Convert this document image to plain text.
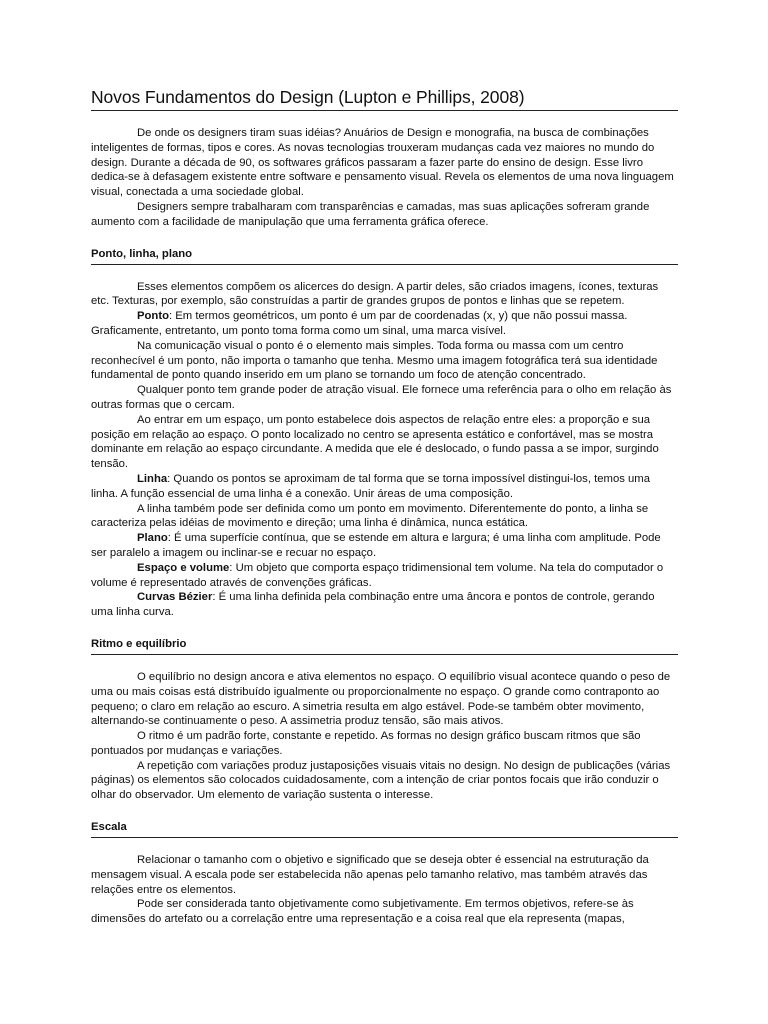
Novos Fundamentos do Design (Lupton e Phillips, 2008)

De onde os designers tiram suas idéias? Anuários de Design e monografia, na busca de combinações inteligentes de formas, tipos e cores. As novas tecnologias trouxeram mudanças cada vez maiores no mundo do design. Durante a década de 90, os softwares gráficos passaram a fazer parte do ensino de design. Esse livro dedica-se à defasagem existente entre software e pensamento visual. Revela os elementos de uma nova linguagem visual, conectada a uma sociedade global.

Designers sempre trabalharam com transparências e camadas, mas suas aplicações sofreram grande aumento com a facilidade de manipulação que uma ferramenta gráfica oferece.

Ponto, linha, plano

Esses elementos compõem os alicerces do design. A partir deles, são criados imagens, ícones, texturas etc. Texturas, por exemplo, são construídas a partir de grandes grupos de pontos e linhas que se repetem.

Ponto: Em termos geométricos, um ponto é um par de coordenadas (x, y) que não possui massa. Graficamente, entretanto, um ponto toma forma como um sinal, uma marca visível.

Na comunicação visual o ponto é o elemento mais simples. Toda forma ou massa com um centro reconhecível é um ponto, não importa o tamanho que tenha. Mesmo uma imagem fotográfica terá sua identidade fundamental de ponto quando inserido em um plano se tornando um foco de atenção concentrado.

Qualquer ponto tem grande poder de atração visual. Ele fornece uma referência para o olho em relação às outras formas que o cercam.

Ao entrar em um espaço, um ponto estabelece dois aspectos de relação entre eles: a proporção e sua posição em relação ao espaço. O ponto localizado no centro se apresenta estático e confortável, mas se mostra dominante em relação ao espaço circundante. A medida que ele é deslocado, o fundo passa a se impor, surgindo tensão.

Linha: Quando os pontos se aproximam de tal forma que se torna impossível distingui-los, temos uma linha. A função essencial de uma linha é a conexão. Unir áreas de uma composição.

A linha também pode ser definida como um ponto em movimento. Diferentemente do ponto, a linha se caracteriza pelas idéias de movimento e direção; uma linha é dinâmica, nunca estática.

Plano: É uma superfície contínua, que se estende em altura e largura; é uma linha com amplitude. Pode ser paralelo a imagem ou inclinar-se e recuar no espaço.

Espaço e volume: Um objeto que comporta espaço tridimensional tem volume. Na tela do computador o volume é representado através de convenções gráficas.

Curvas Bézier: É uma linha definida pela combinação entre uma âncora e pontos de controle, gerando uma linha curva.

Ritmo e equilíbrio

O equilíbrio no design ancora e ativa elementos no espaço. O equilíbrio visual acontece quando o peso de uma ou mais coisas está distribuído igualmente ou proporcionalmente no espaço. O grande como contraponto ao pequeno; o claro em relação ao escuro. A simetria resulta em algo estável. Pode-se também obter movimento, alternando-se continuamente o peso. A assimetria produz tensão, são mais ativos.

O ritmo é um padrão forte, constante e repetido. As formas no design gráfico buscam ritmos que são pontuados por mudanças e variações.

A repetição com variações produz justaposições visuais vitais no design. No design de publicações (várias páginas) os elementos são colocados cuidadosamente, com a intenção de criar pontos focais que irão conduzir o olhar do observador. Um elemento de variação sustenta o interesse.

Escala

Relacionar o tamanho com o objetivo e significado que se deseja obter é essencial na estruturação da mensagem visual. A escala pode ser estabelecida não apenas pelo tamanho relativo, mas também através das relações entre os elementos.

Pode ser considerada tanto objetivamente como subjetivamente. Em termos objetivos, refere-se às dimensões do artefato ou a correlação entre uma representação e a coisa real que ela representa (mapas,
